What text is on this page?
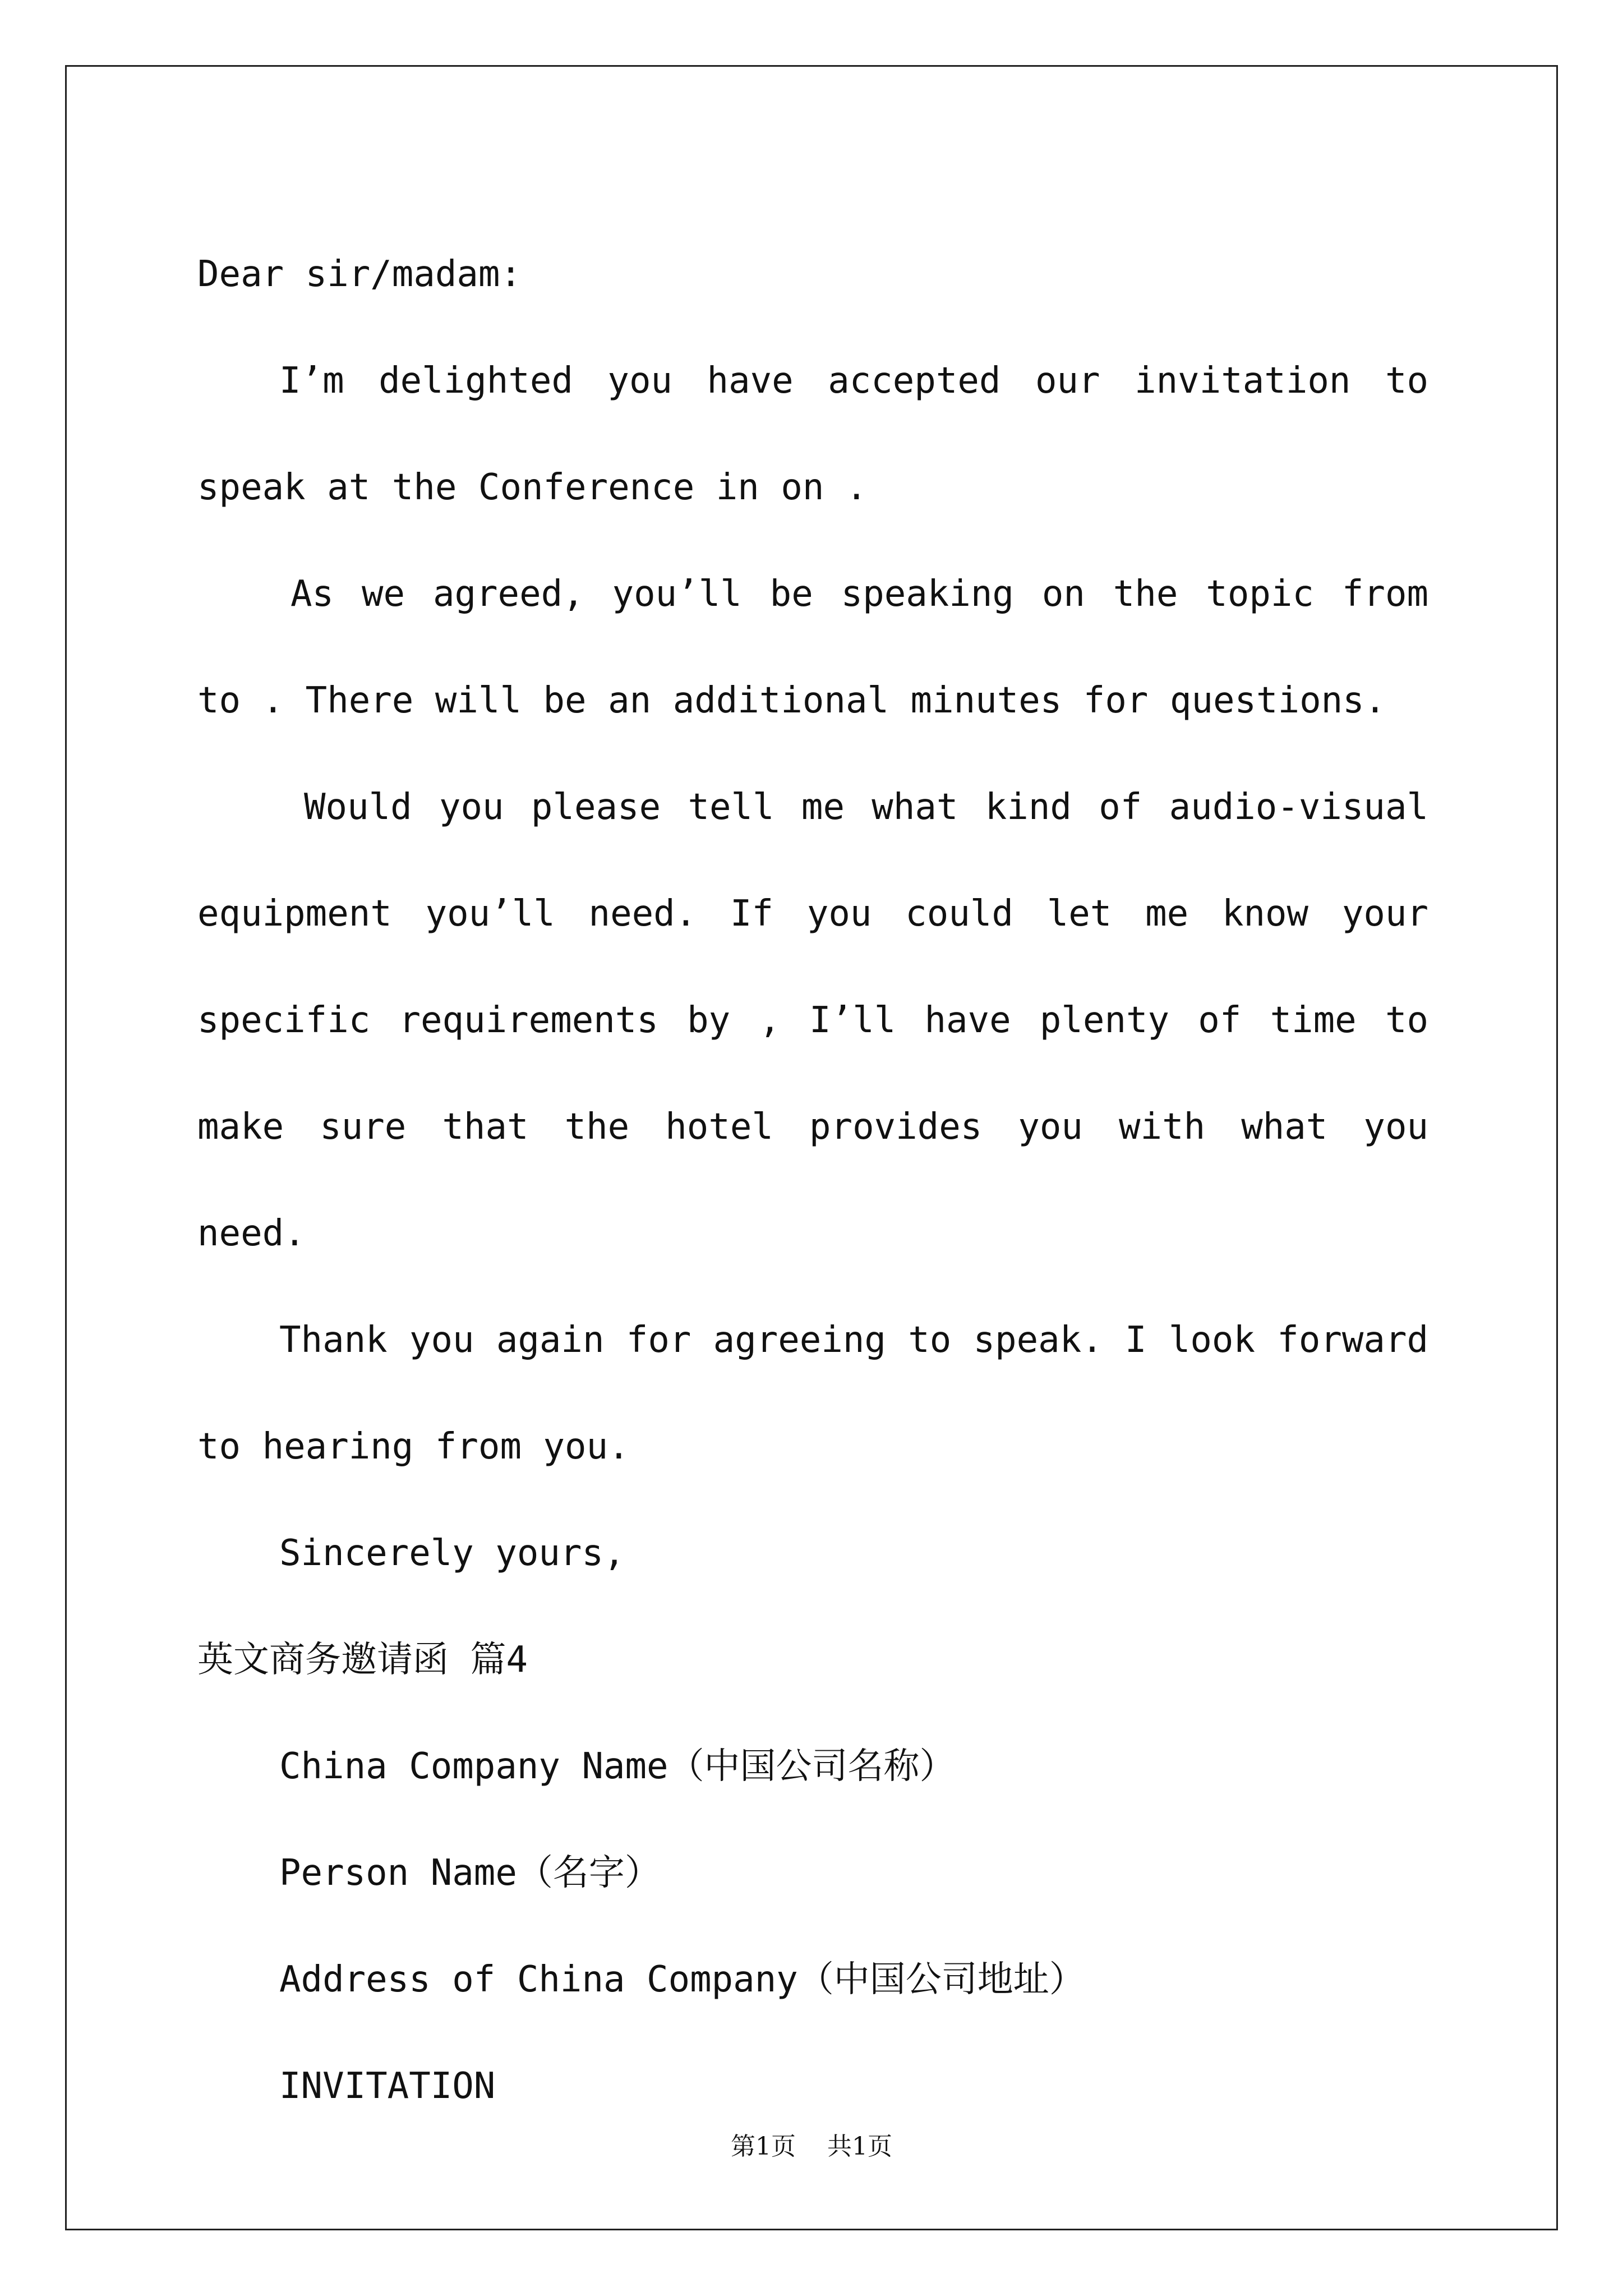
Dear sir/madam:

I’m delighted you have accepted our invitation to speak at the Conference in on .

As we agreed, you’ll be speaking on the topic from to . There will be an additional minutes for questions.

Would you please tell me what kind of audio-visual equipment you’ll need. If you could let me know your specific requirements by , I’ll have plenty of time to make sure that the hotel provides you with what you need.

Thank you again for agreeing to speak. I look forward to hearing from you.

Sincerely yours,

英文商务邀请函 篇4

China Company Name（中国公司名称）

Person Name（名字）

Address of China Company（中国公司地址）

INVITATION

第1页 共1页
